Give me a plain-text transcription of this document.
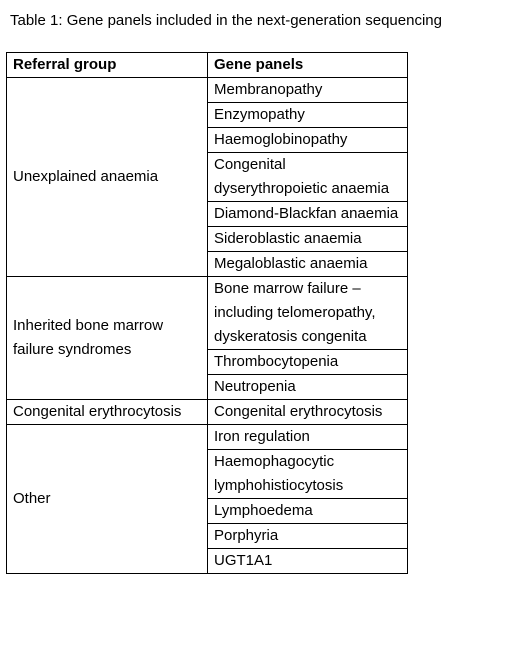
Table 1: Gene panels included in the next-generation sequencing
Referral group	Gene panels
Unexplained anaemia	Membranopathy
	Enzymopathy
	Haemoglobinopathy
	Congenital dyserythropoietic anaemia
	Diamond-Blackfan anaemia
	Sideroblastic anaemia
	Megaloblastic anaemia
Inherited bone marrow failure syndromes	Bone marrow failure – including telomeropathy, dyskeratosis congenita
	Thrombocytopenia
	Neutropenia
Congenital erythrocytosis	Congenital erythrocytosis
Other	Iron regulation
	Haemophagocytic lymphohistiocytosis
	Lymphoedema
	Porphyria
	UGT1A1
